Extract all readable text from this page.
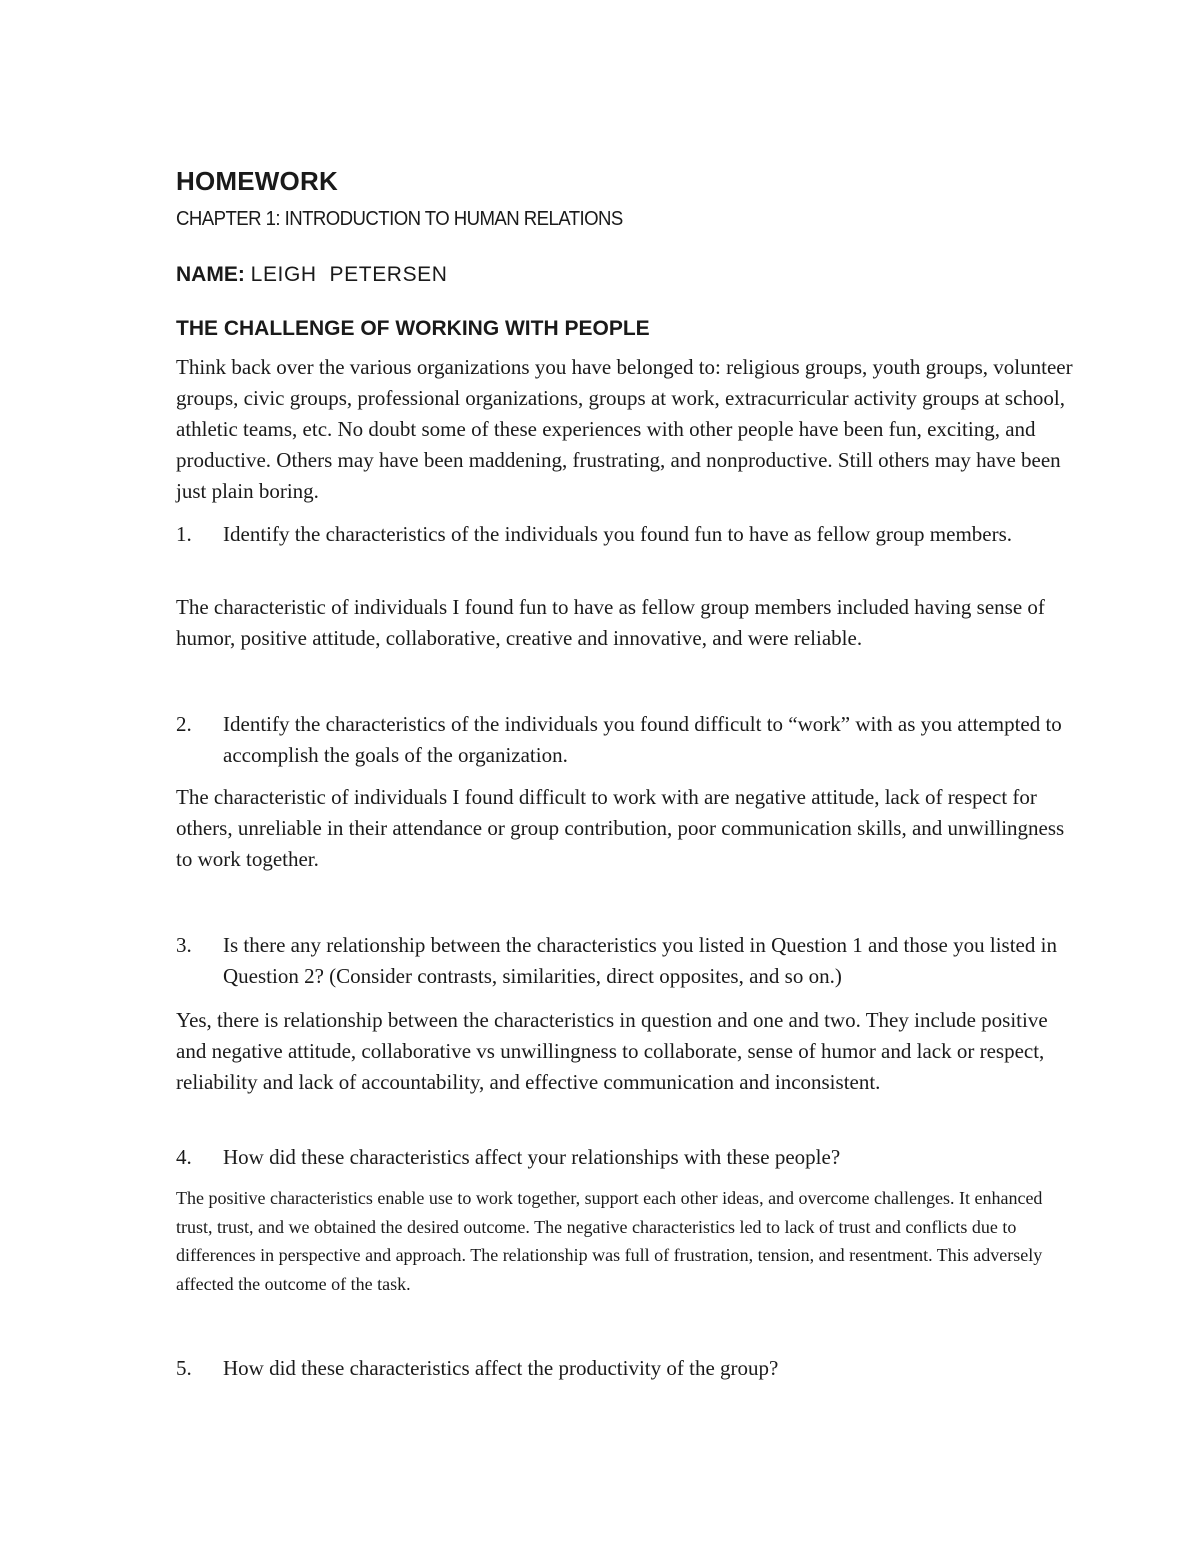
HOMEWORK
CHAPTER 1: INTRODUCTION TO HUMAN RELATIONS
NAME: LEIGH  PETERSEN
THE CHALLENGE OF WORKING WITH PEOPLE

Think back over the various organizations you have belonged to: religious groups, youth groups, volunteer groups, civic groups, professional organizations, groups at work, extracurricular activity groups at school, athletic teams, etc. No doubt some of these experiences with other people have been fun, exciting, and productive. Others may have been maddening, frustrating, and nonproductive. Still others may have been just plain boring.

1. Identify the characteristics of the individuals you found fun to have as fellow group members.

The characteristic of individuals I found fun to have as fellow group members included having sense of humor, positive attitude, collaborative, creative and innovative, and were reliable.

2. Identify the characteristics of the individuals you found difficult to “work” with as you attempted to accomplish the goals of the organization.

The characteristic of individuals I found difficult to work with are negative attitude, lack of respect for others, unreliable in their attendance or group contribution, poor communication skills, and unwillingness to work together.

3. Is there any relationship between the characteristics you listed in Question 1 and those you listed in Question 2? (Consider contrasts, similarities, direct opposites, and so on.)

Yes, there is relationship between the characteristics in question and one and two. They include positive and negative attitude, collaborative vs unwillingness to collaborate, sense of humor and lack or respect, reliability and lack of accountability, and effective communication and inconsistent.

4. How did these characteristics affect your relationships with these people?

The positive characteristics enable use to work together, support each other ideas, and overcome challenges. It enhanced trust, trust, and we obtained the desired outcome. The negative characteristics led to lack of trust and conflicts due to differences in perspective and approach. The relationship was full of frustration, tension, and resentment. This adversely affected the outcome of the task.

5. How did these characteristics affect the productivity of the group?
